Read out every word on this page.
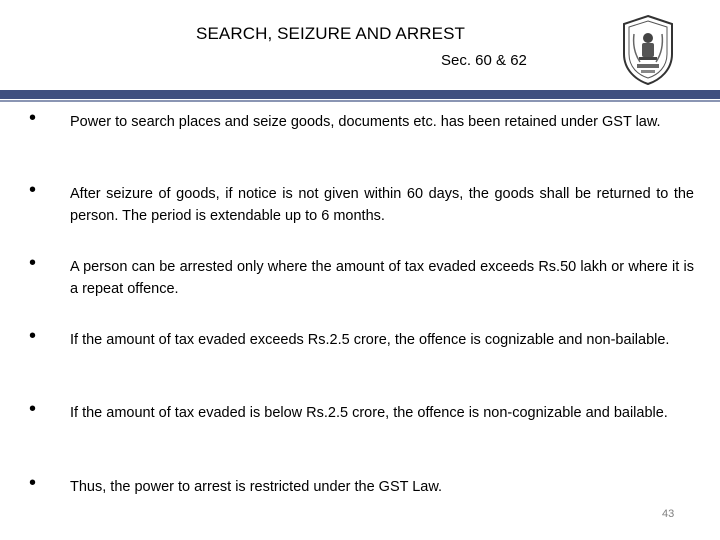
SEARCH, SEIZURE AND ARREST
Sec. 60 & 62
• Power to search places and seize goods, documents etc. has been retained under GST law.

• After seizure of goods, if notice is not given within 60 days, the goods shall be returned to the person. The period is extendable up to 6 months.

• A person can be arrested only where the amount of tax evaded exceeds Rs.50 lakh or where it is a repeat offence.

• If the amount of tax evaded exceeds Rs.2.5 crore, the offence is cognizable and non-bailable.

• If the amount of tax evaded is below Rs.2.5 crore, the offence is non-cognizable and bailable.

• Thus, the power to arrest is restricted under the GST Law.

43
